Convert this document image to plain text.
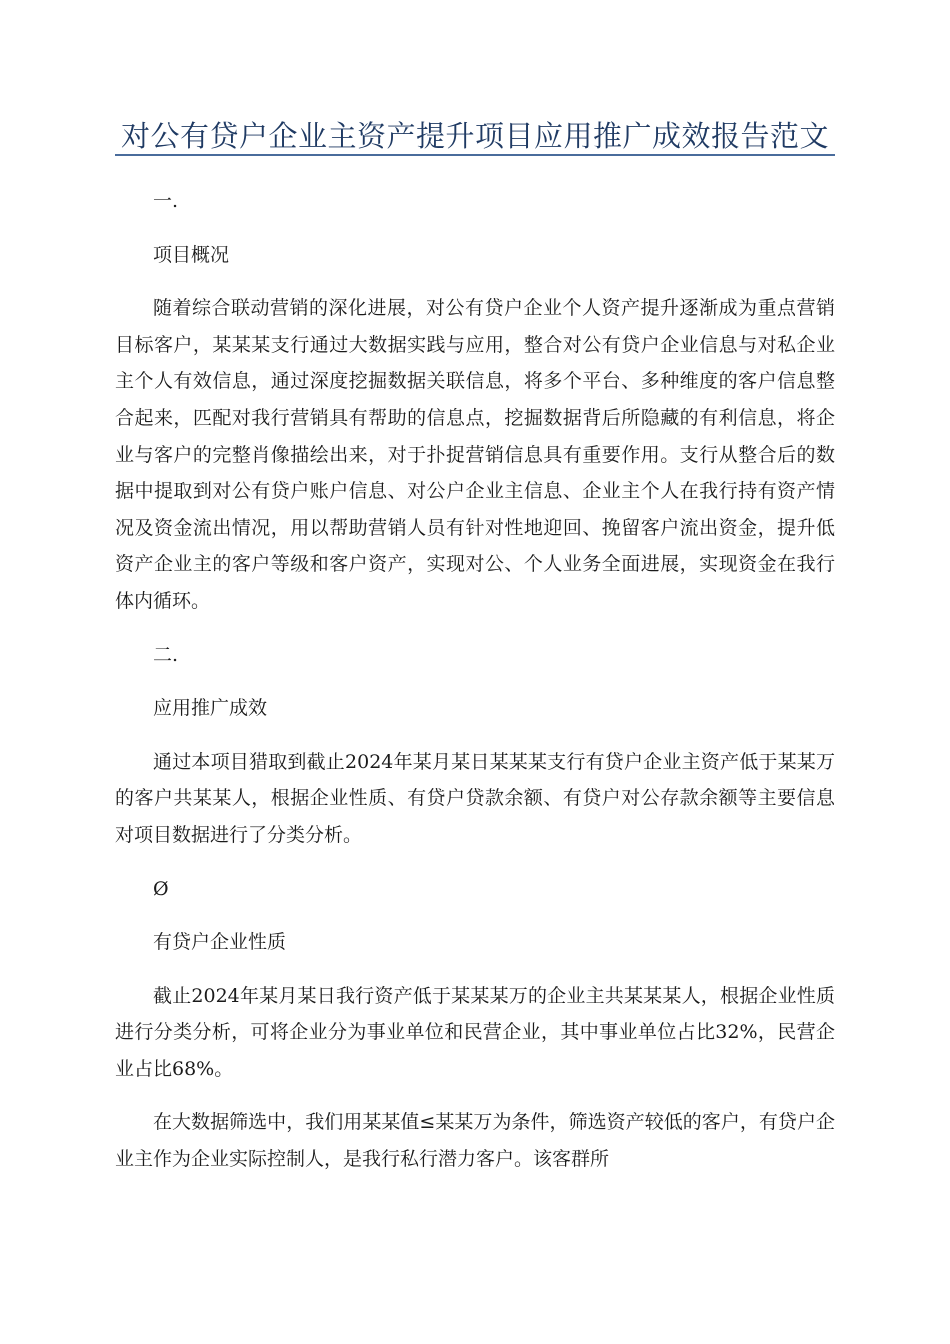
对公有贷户企业主资产提升项目应用推广成效报告范文

一.

项目概况

随着综合联动营销的深化进展，对公有贷户企业个人资产提升逐渐成为重点营销目标客户，某某某支行通过大数据实践与应用，整合对公有贷户企业信息与对私企业主个人有效信息，通过深度挖掘数据关联信息，将多个平台、多种维度的客户信息整合起来，匹配对我行营销具有帮助的信息点，挖掘数据背后所隐藏的有利信息，将企业与客户的完整肖像描绘出来，对于扑捉营销信息具有重要作用。支行从整合后的数据中提取到对公有贷户账户信息、对公户企业主信息、企业主个人在我行持有资产情况及资金流出情况，用以帮助营销人员有针对性地迎回、挽留客户流出资金，提升低资产企业主的客户等级和客户资产，实现对公、个人业务全面进展，实现资金在我行体内循环。

二.

应用推广成效

通过本项目猎取到截止2024年某月某日某某某支行有贷户企业主资产低于某某万的客户共某某人，根据企业性质、有贷户贷款余额、有贷户对公存款余额等主要信息对项目数据进行了分类分析。

Ø

有贷户企业性质

截止2024年某月某日我行资产低于某某某万的企业主共某某某人，根据企业性质进行分类分析，可将企业分为事业单位和民营企业，其中事业单位占比32%，民营企业占比68%。

在大数据筛选中，我们用某某值≤某某万为条件，筛选资产较低的客户，有贷户企业主作为企业实际控制人，是我行私行潜力客户。该客群所
